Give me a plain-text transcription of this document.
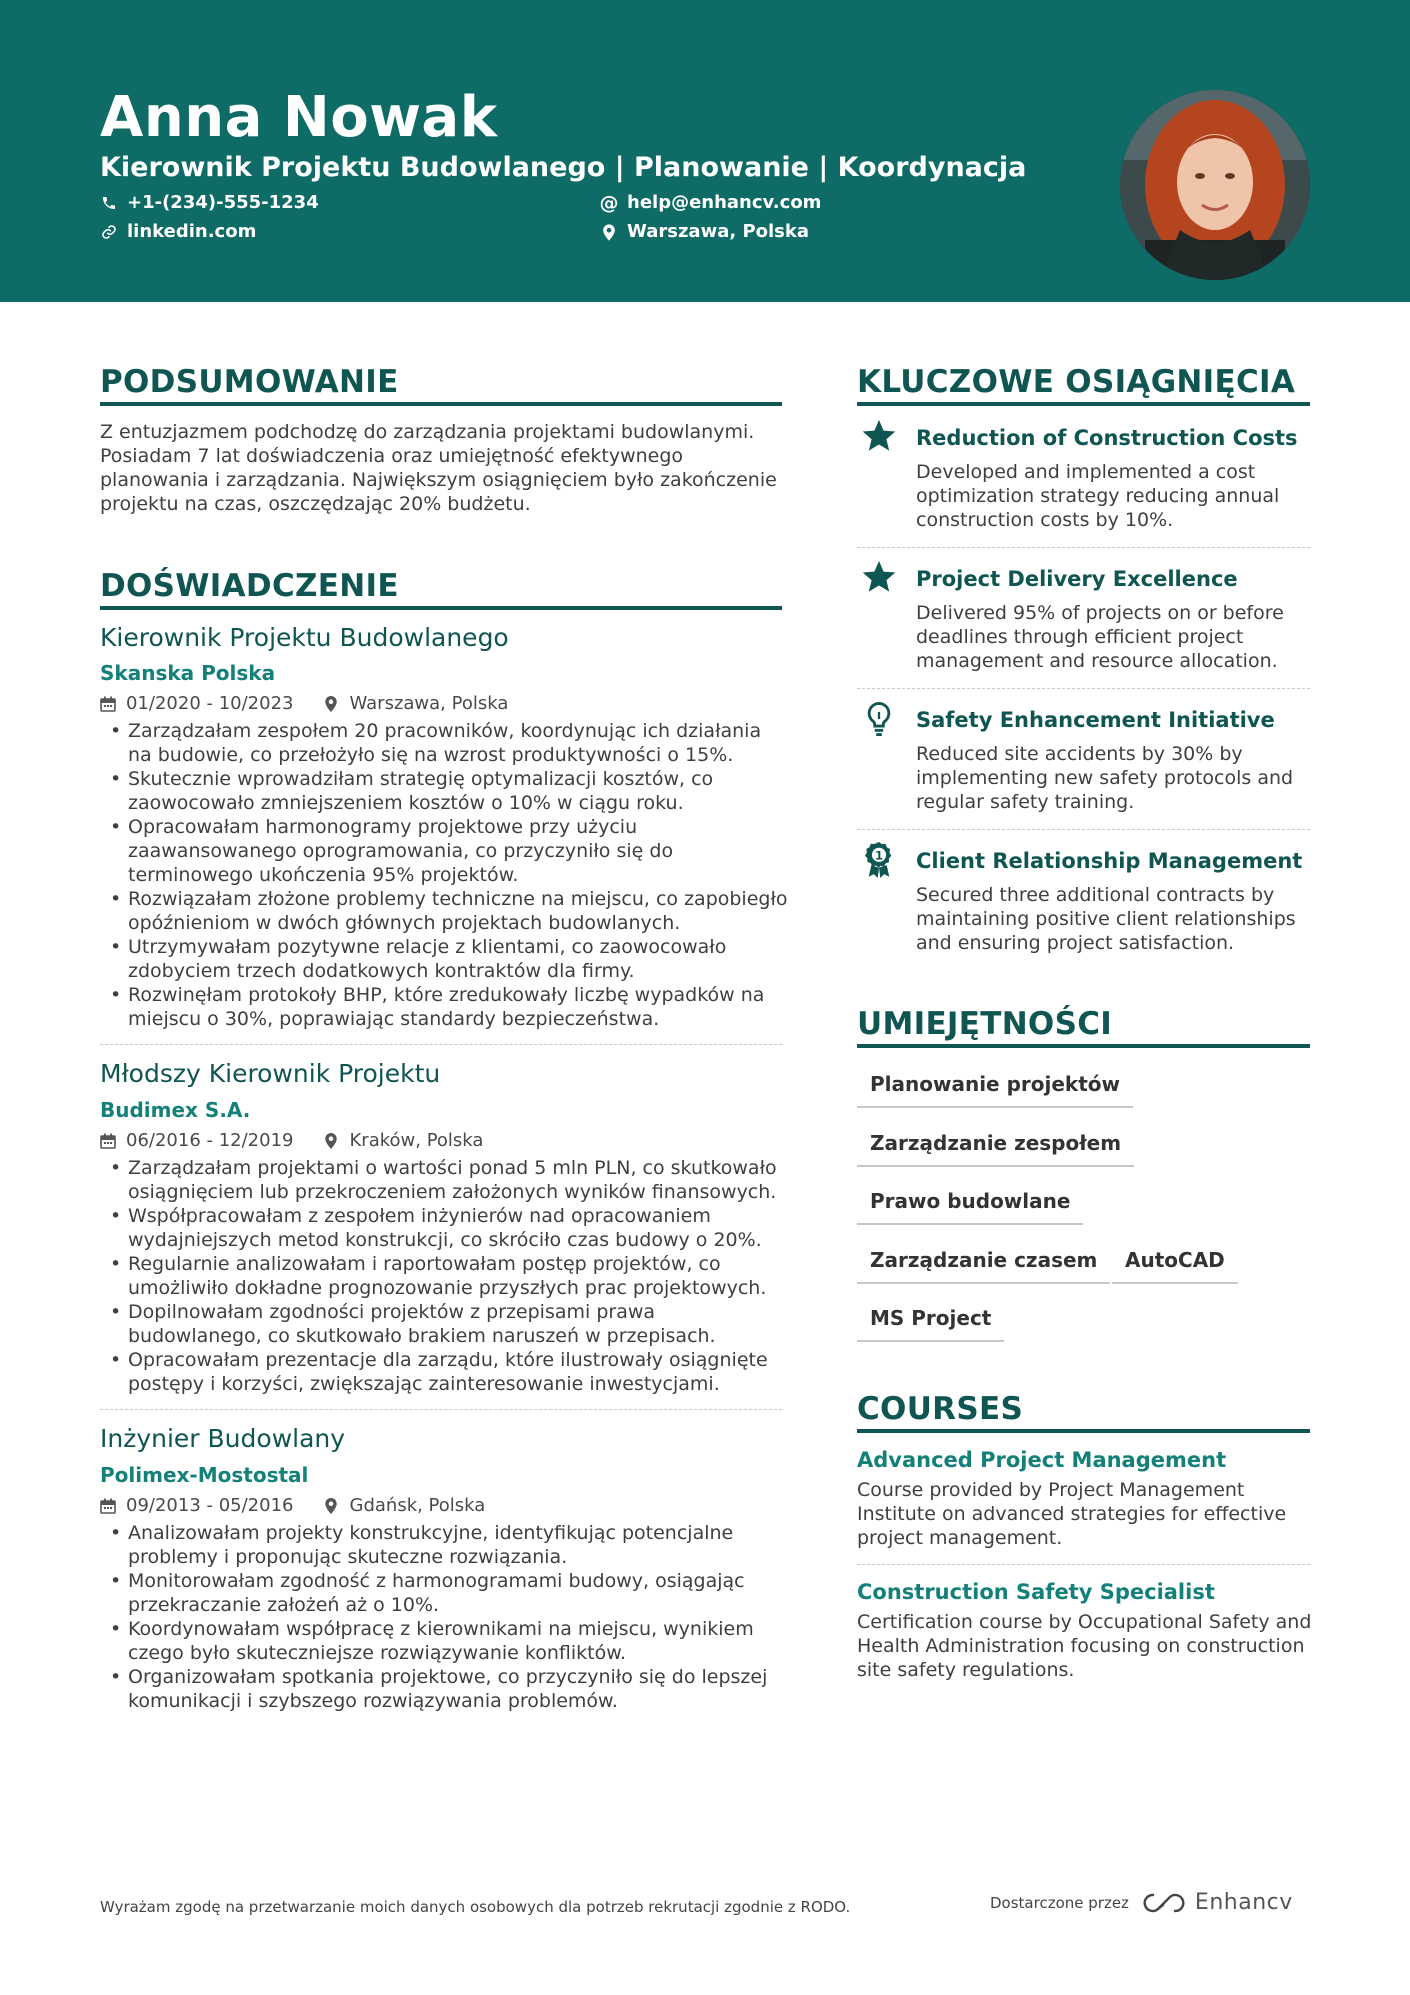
Anna Nowak
Kierownik Projektu Budowlanego | Planowanie | Koordynacja
+1-(234)-555-1234	@ help@enhancv.com
linkedin.com	Warszawa, Polska
PODSUMOWANIE
Z entuzjazmem podchodzę do zarządzania projektami budowlanymi. Posiadam 7 lat doświadczenia oraz umiejętność efektywnego planowania i zarządzania. Największym osiągnięciem było zakończenie projektu na czas, oszczędzając 20% budżetu.
DOŚWIADCZENIE
Kierownik Projektu Budowlanego
Skanska Polska
01/2020 - 10/2023	Warszawa, Polska
• Zarządzałam zespołem 20 pracowników, koordynując ich działania na budowie, co przełożyło się na wzrost produktywności o 15%.
• Skutecznie wprowadziłam strategię optymalizacji kosztów, co zaowocowało zmniejszeniem kosztów o 10% w ciągu roku.
• Opracowałam harmonogramy projektowe przy użyciu zaawansowanego oprogramowania, co przyczyniło się do terminowego ukończenia 95% projektów.
• Rozwiązałam złożone problemy techniczne na miejscu, co zapobiegło opóźnieniom w dwóch głównych projektach budowlanych.
• Utrzymywałam pozytywne relacje z klientami, co zaowocowało zdobyciem trzech dodatkowych kontraktów dla firmy.
• Rozwinęłam protokoły BHP, które zredukowały liczbę wypadków na miejscu o 30%, poprawiając standardy bezpieczeństwa.
Młodszy Kierownik Projektu
Budimex S.A.
06/2016 - 12/2019	Kraków, Polska
• Zarządzałam projektami o wartości ponad 5 mln PLN, co skutkowało osiągnięciem lub przekroczeniem założonych wyników finansowych.
• Współpracowałam z zespołem inżynierów nad opracowaniem wydajniejszych metod konstrukcji, co skróciło czas budowy o 20%.
• Regularnie analizowałam i raportowałam postęp projektów, co umożliwiło dokładne prognozowanie przyszłych prac projektowych.
• Dopilnowałam zgodności projektów z przepisami prawa budowlanego, co skutkowało brakiem naruszeń w przepisach.
• Opracowałam prezentacje dla zarządu, które ilustrowały osiągnięte postępy i korzyści, zwiększając zainteresowanie inwestycjami.
Inżynier Budowlany
Polimex-Mostostal
09/2013 - 05/2016	Gdańsk, Polska
• Analizowałam projekty konstrukcyjne, identyfikując potencjalne problemy i proponując skuteczne rozwiązania.
• Monitorowałam zgodność z harmonogramami budowy, osiągając przekraczanie założeń aż o 10%.
• Koordynowałam współpracę z kierownikami na miejscu, wynikiem czego było skuteczniejsze rozwiązywanie konfliktów.
• Organizowałam spotkania projektowe, co przyczyniło się do lepszej komunikacji i szybszego rozwiązywania problemów.
KLUCZOWE OSIĄGNIĘCIA
Reduction of Construction Costs
Developed and implemented a cost optimization strategy reducing annual construction costs by 10%.
Project Delivery Excellence
Delivered 95% of projects on or before deadlines through efficient project management and resource allocation.
Safety Enhancement Initiative
Reduced site accidents by 30% by implementing new safety protocols and regular safety training.
1 Client Relationship Management
Secured three additional contracts by maintaining positive client relationships and ensuring project satisfaction.
UMIEJĘTNOŚCI
Planowanie projektów
Zarządzanie zespołem
Prawo budowlane
Zarządzanie czasem	AutoCAD
MS Project
COURSES
Advanced Project Management
Course provided by Project Management Institute on advanced strategies for effective project management.
Construction Safety Specialist
Certification course by Occupational Safety and Health Administration focusing on construction site safety regulations.
Wyrażam zgodę na przetwarzanie moich danych osobowych dla potrzeb rekrutacji zgodnie z RODO.	Dostarczone przez	Enhancv
